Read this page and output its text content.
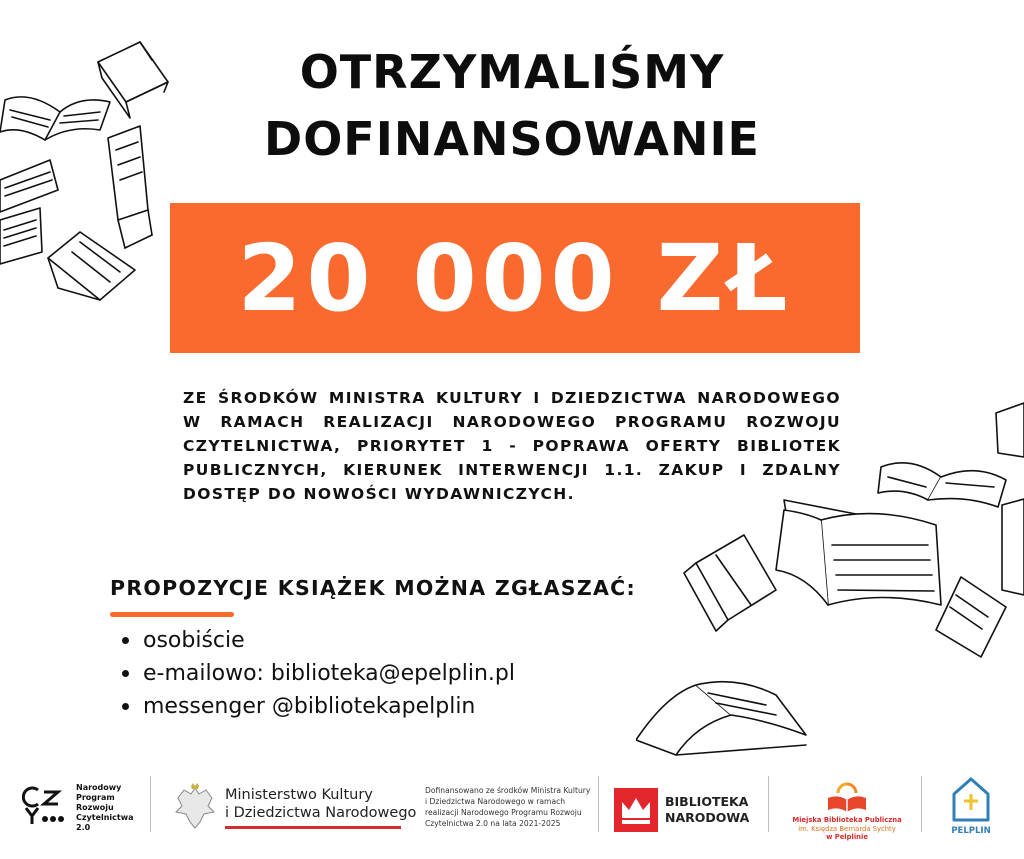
OTRZYMALIŚMY
DOFINANSOWANIE
20 000 ZŁ
ZE ŚRODKÓW MINISTRA KULTURY I DZIEDZICTWA NARODOWEGO W RAMACH REALIZACJI NARODOWEGO PROGRAMU ROZWOJU CZYTELNICTWA, PRIORYTET 1 - POPRAWA OFERTY BIBLIOTEK PUBLICZNYCH, KIERUNEK INTERWENCJI 1.1. ZAKUP I ZDALNY DOSTĘP DO NOWOŚCI WYDAWNICZYCH.
PROPOZYCJE KSIĄŻEK MOŻNA ZGŁASZAĆ:
osobiście
e-mailowo: biblioteka@epelplin.pl
messenger @bibliotekapelplin
Narodowy
Program
Rozwoju
Czytelnictwa
2.0
Ministerstwo Kultury
i Dziedzictwa Narodowego
Dofinansowano ze środków Ministra Kultury
i Dziedzictwa Narodowego w ramach
realizacji Narodowego Programu Rozwoju
Czytelnictwa 2.0 na lata 2021-2025
BIBLIOTEKA
NARODOWA	Miejska Biblioteka Publiczna
im. Księdza Bernarda Sychty
w Pelplinie
PELPLIN
